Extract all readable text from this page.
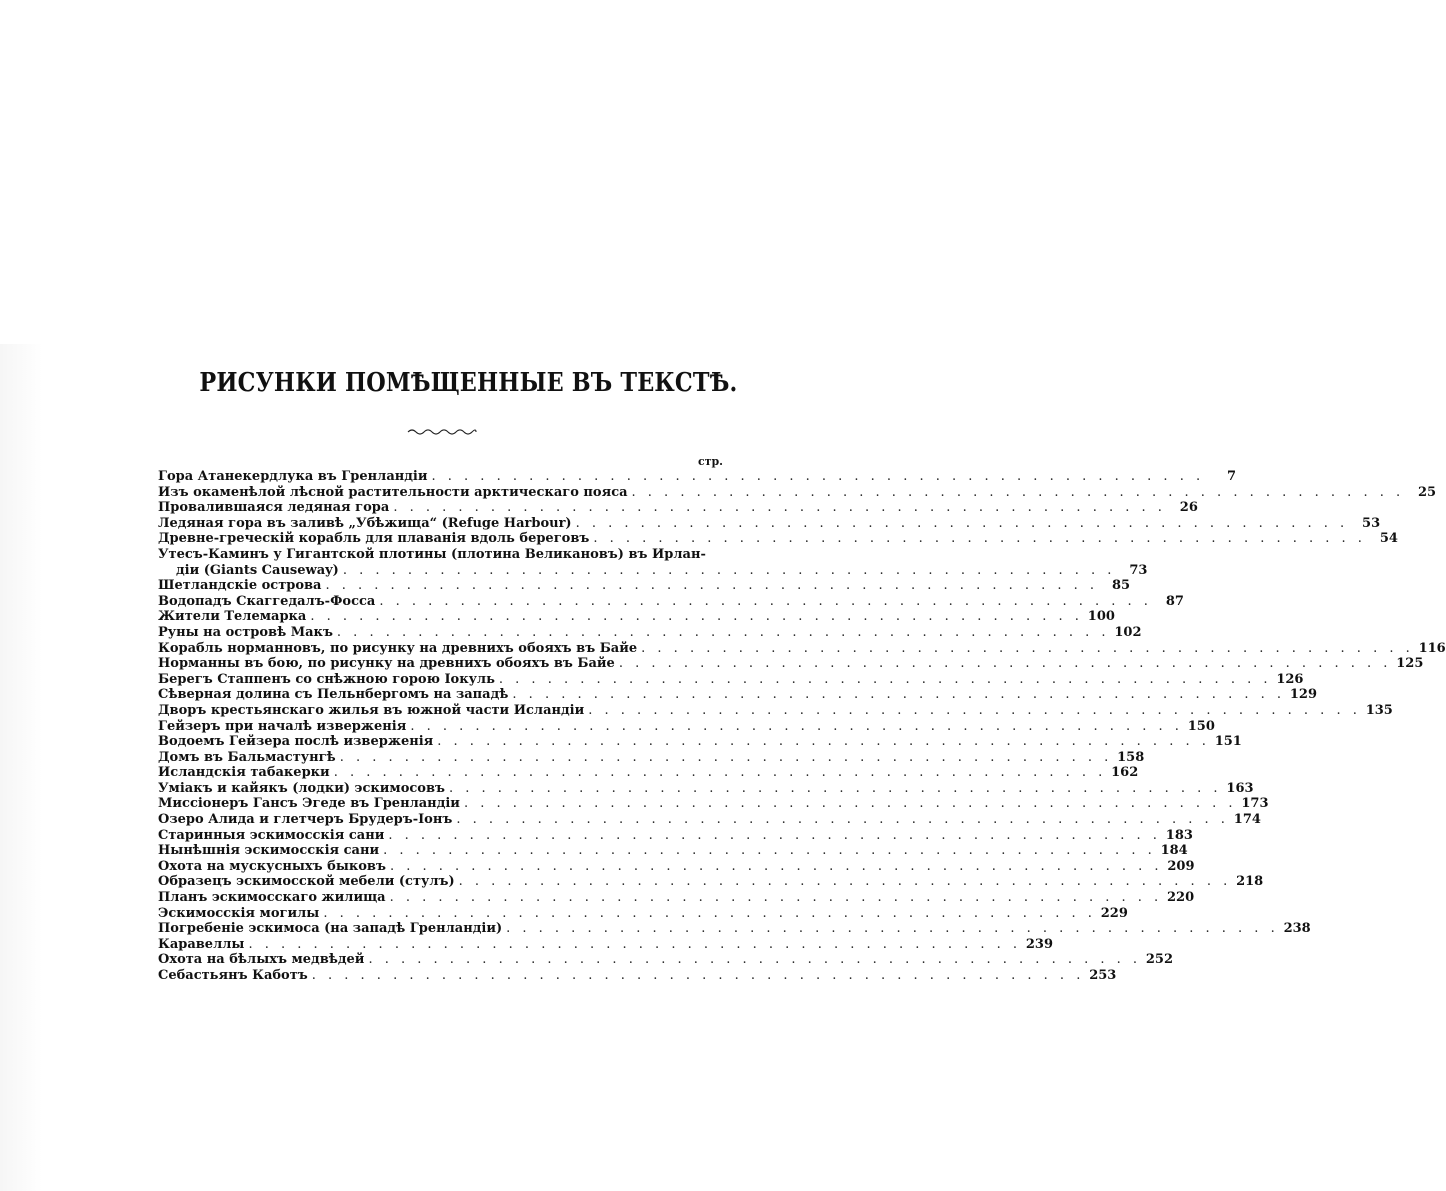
РИСУНКИ ПОМѢЩЕННЫЕ ВЪ ТЕКСТѢ.
стр.
Гора Атанекердлука въ Гренландiи . . .	7
Изъ окаменѣлой лѣсной растительности арктическаго пояса . . .	25
Провалившаяся ледяная гора . . .	26
Ледяная гора въ заливѣ „Убѣжища“ (Refuge Harbour) . . .	53
Древне-греческiй корабль для плаванiя вдоль береговъ . . .	54
Утесъ-Каминъ у Гигантской плотины (плотина Великановъ) въ Ирлан-
дiи (Giants Causeway) . . .	73
Шетландскiе острова . . .	85
Водопадъ Скаггедалъ-Фосса . . .	87
Жители Телемарка . . .	100
Руны на островѣ Макъ . . .	102
Корабль норманновъ, по рисунку на древнихъ обояхъ въ Байе . . .	116
Норманны въ бою, по рисунку на древнихъ обояхъ въ Байе . . .	125
Берегъ Стаппенъ со снѣжною горою Iокуль . . .	126
Сѣверная долина съ Пельнбергомъ на западѣ . . .	129
Дворъ крестьянскаго жилья въ южной части Исландiи . . .	135
Гейзеръ при началѣ изверженiя . . .	150
Водоемъ Гейзера послѣ изверженiя . . .	151
Домъ въ Бальмастунгѣ . . .	158
Исландскiя табакерки . . .	162
Умiакъ и кайякъ (лодки) эскимосовъ . . .	163
Миссiонеръ Гансъ Эгеде въ Гренландiи . . .	173
Озеро Алида и глетчеръ Брудеръ-Iонъ . . .	174
Старинныя эскимосскiя сани . . .	183
Нынѣшнiя эскимосскiя сани . . .	184
Охота на мускусныхъ быковъ . . .	209
Образецъ эскимосской мебели (стулъ) . . .	218
Планъ эскимосскаго жилища . . .	220
Эскимосскiя могилы . . .	229
Погребенiе эскимоса (на западѣ Гренландiи) . . .	238
Каравеллы . . .	239
Охота на бѣлыхъ медвѣдей . . .	252
Себастьянъ Каботъ . . .	253
